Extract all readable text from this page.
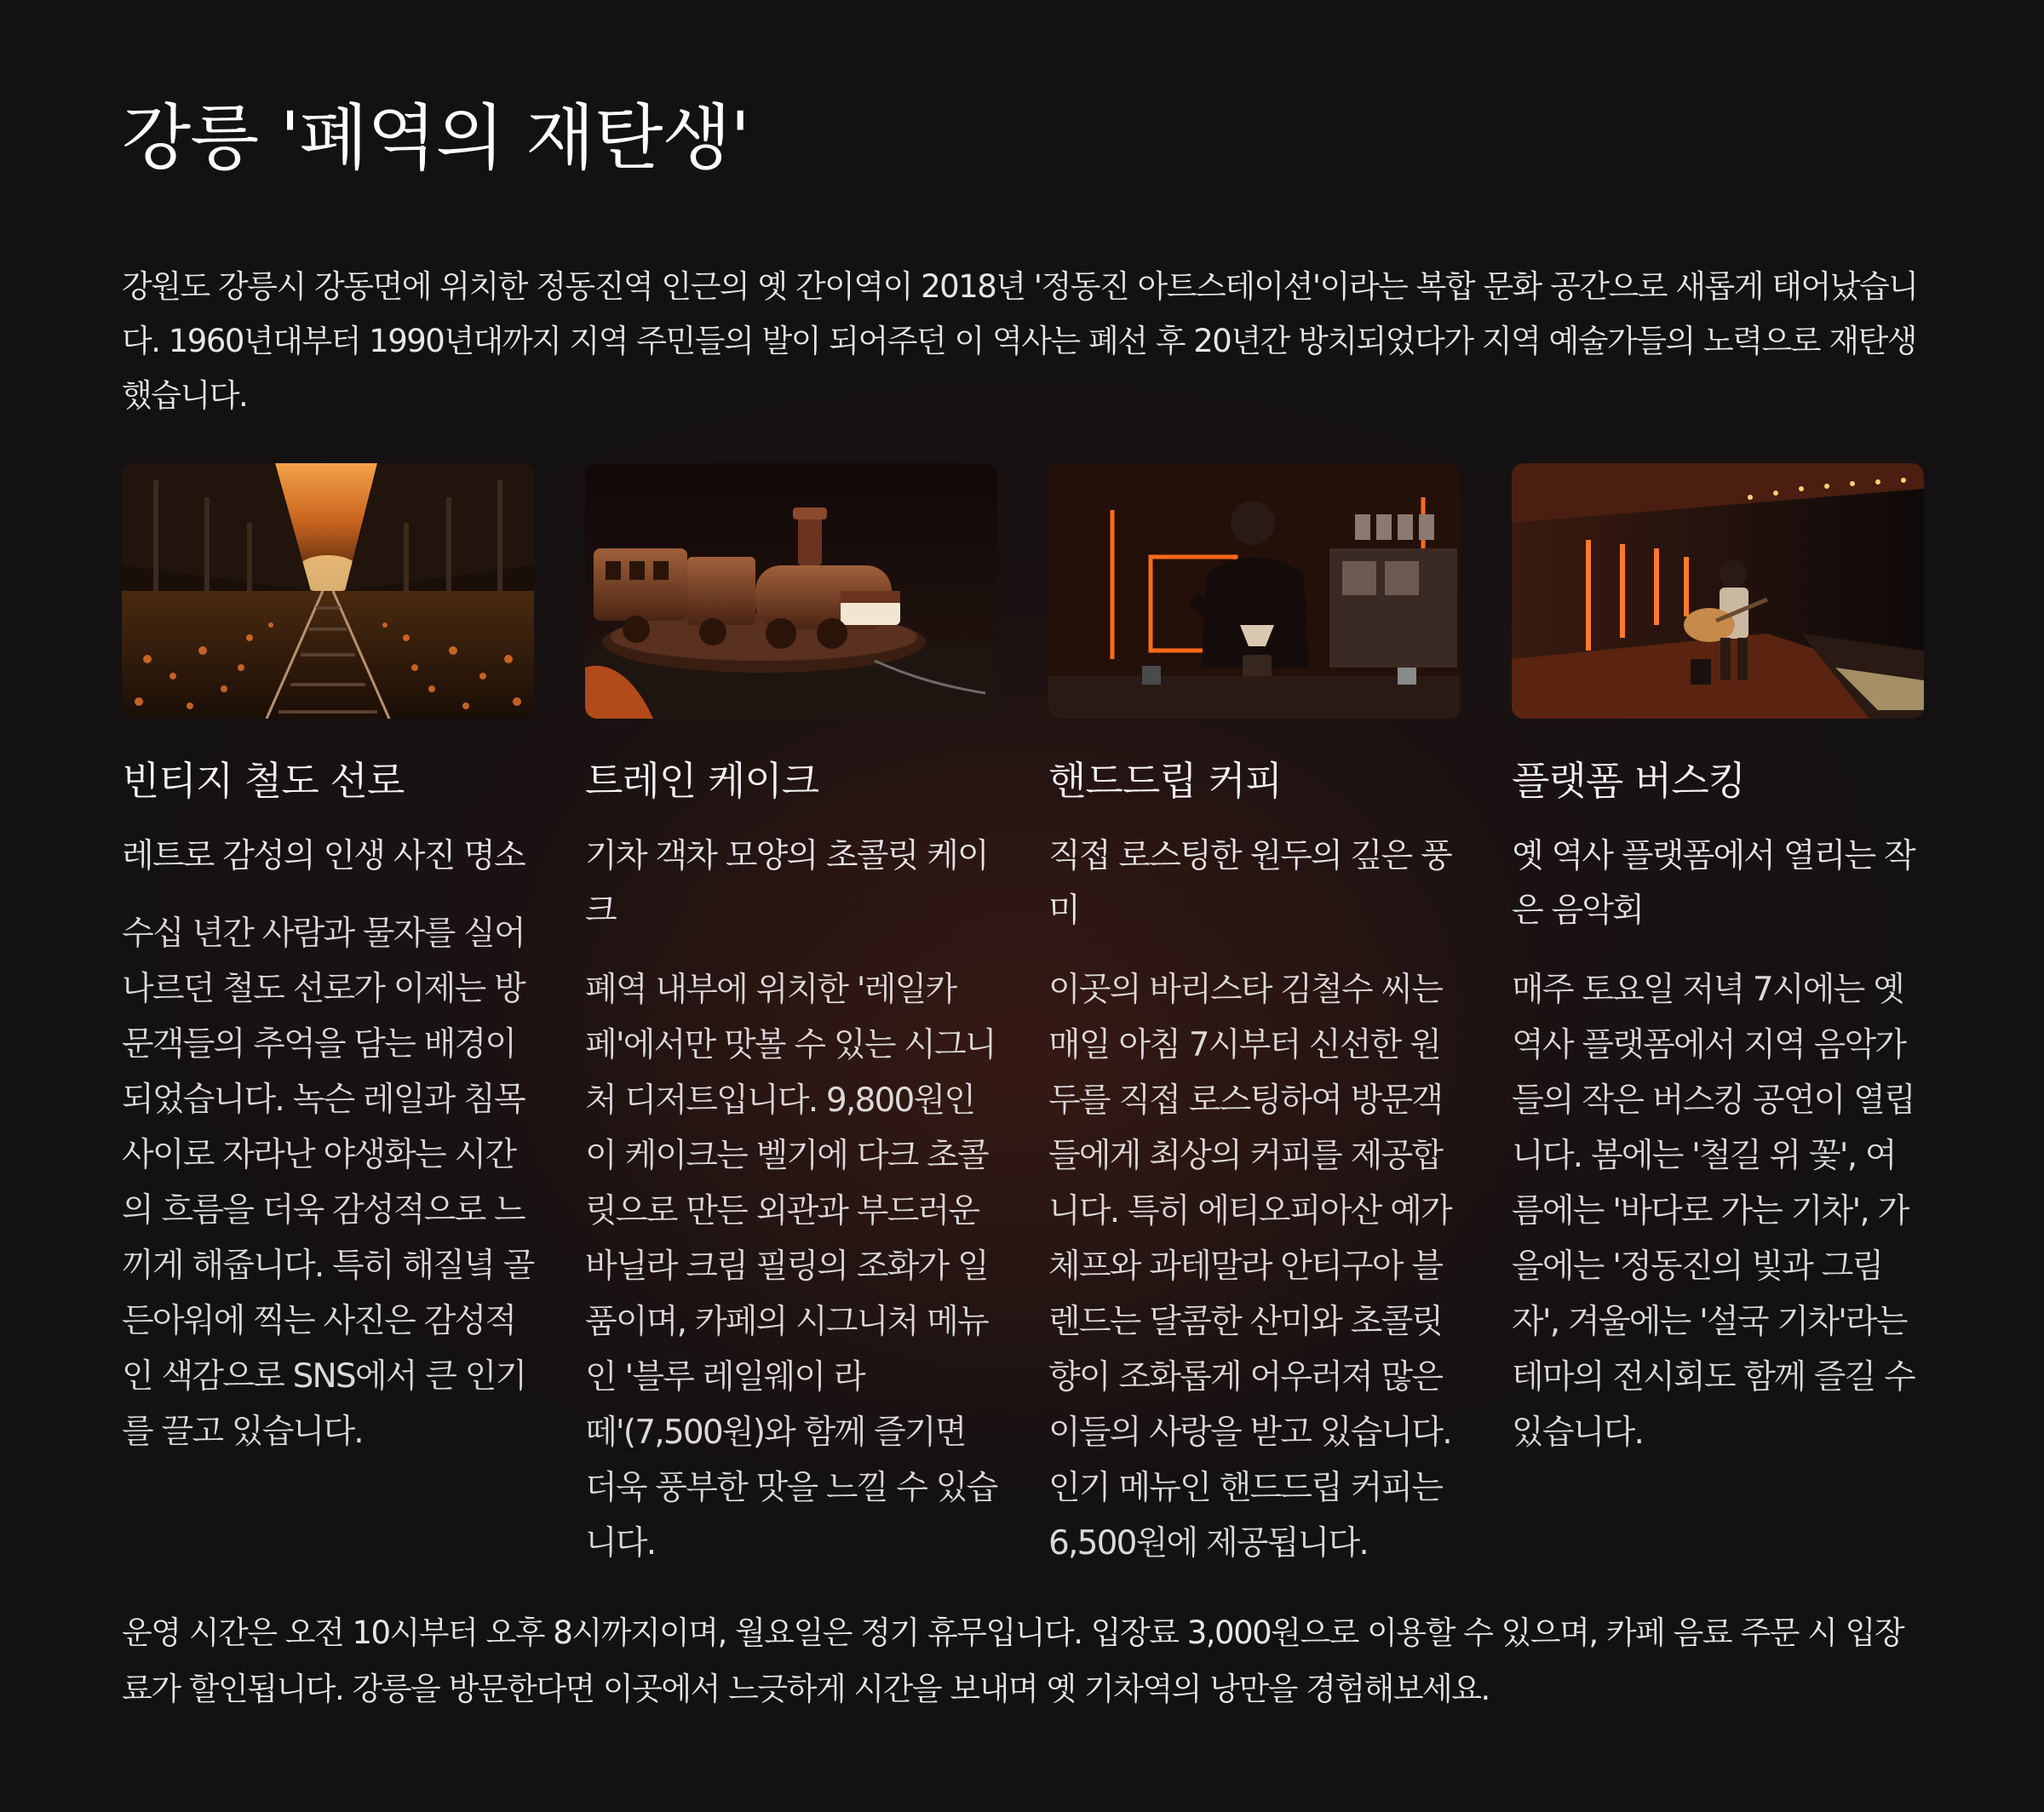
강릉 '폐역의 재탄생'

강원도 강릉시 강동면에 위치한 정동진역 인근의 옛 간이역이 2018년 '정동진 아트스테이션'이라는 복합 문화 공간으로 새롭게 태어났습니다. 1960년대부터 1990년대까지 지역 주민들의 발이 되어주던 이 역사는 폐선 후 20년간 방치되었다가 지역 예술가들의 노력으로 재탄생했습니다.

빈티지 철도 선로

레트로 감성의 인생 사진 명소

수십 년간 사람과 물자를 실어 나르던 철도 선로가 이제는 방문객들의 추억을 담는 배경이 되었습니다. 녹슨 레일과 침목 사이로 자라난 야생화는 시간의 흐름을 더욱 감성적으로 느끼게 해줍니다. 특히 해질녘 골든아워에 찍는 사진은 감성적인 색감으로 SNS에서 큰 인기를 끌고 있습니다.

트레인 케이크

기차 객차 모양의 초콜릿 케이크

폐역 내부에 위치한 '레일카페'에서만 맛볼 수 있는 시그니처 디저트입니다. 9,800원인 이 케이크는 벨기에 다크 초콜릿으로 만든 외관과 부드러운 바닐라 크림 필링의 조화가 일품이며, 카페의 시그니처 메뉴인 '블루 레일웨이 라떼'(7,500원)와 함께 즐기면 더욱 풍부한 맛을 느낄 수 있습니다.

핸드드립 커피

직접 로스팅한 원두의 깊은 풍미

이곳의 바리스타 김철수 씨는 매일 아침 7시부터 신선한 원두를 직접 로스팅하여 방문객들에게 최상의 커피를 제공합니다. 특히 에티오피아산 예가체프와 과테말라 안티구아 블렌드는 달콤한 산미와 초콜릿 향이 조화롭게 어우러져 많은 이들의 사랑을 받고 있습니다. 인기 메뉴인 핸드드립 커피는 6,500원에 제공됩니다.

플랫폼 버스킹

옛 역사 플랫폼에서 열리는 작은 음악회

매주 토요일 저녁 7시에는 옛 역사 플랫폼에서 지역 음악가들의 작은 버스킹 공연이 열립니다. 봄에는 '철길 위 꽃', 여름에는 '바다로 가는 기차', 가을에는 '정동진의 빛과 그림자', 겨울에는 '설국 기차'라는 테마의 전시회도 함께 즐길 수 있습니다.

운영 시간은 오전 10시부터 오후 8시까지이며, 월요일은 정기 휴무입니다. 입장료 3,000원으로 이용할 수 있으며, 카페 음료 주문 시 입장료가 할인됩니다. 강릉을 방문한다면 이곳에서 느긋하게 시간을 보내며 옛 기차역의 낭만을 경험해보세요.
